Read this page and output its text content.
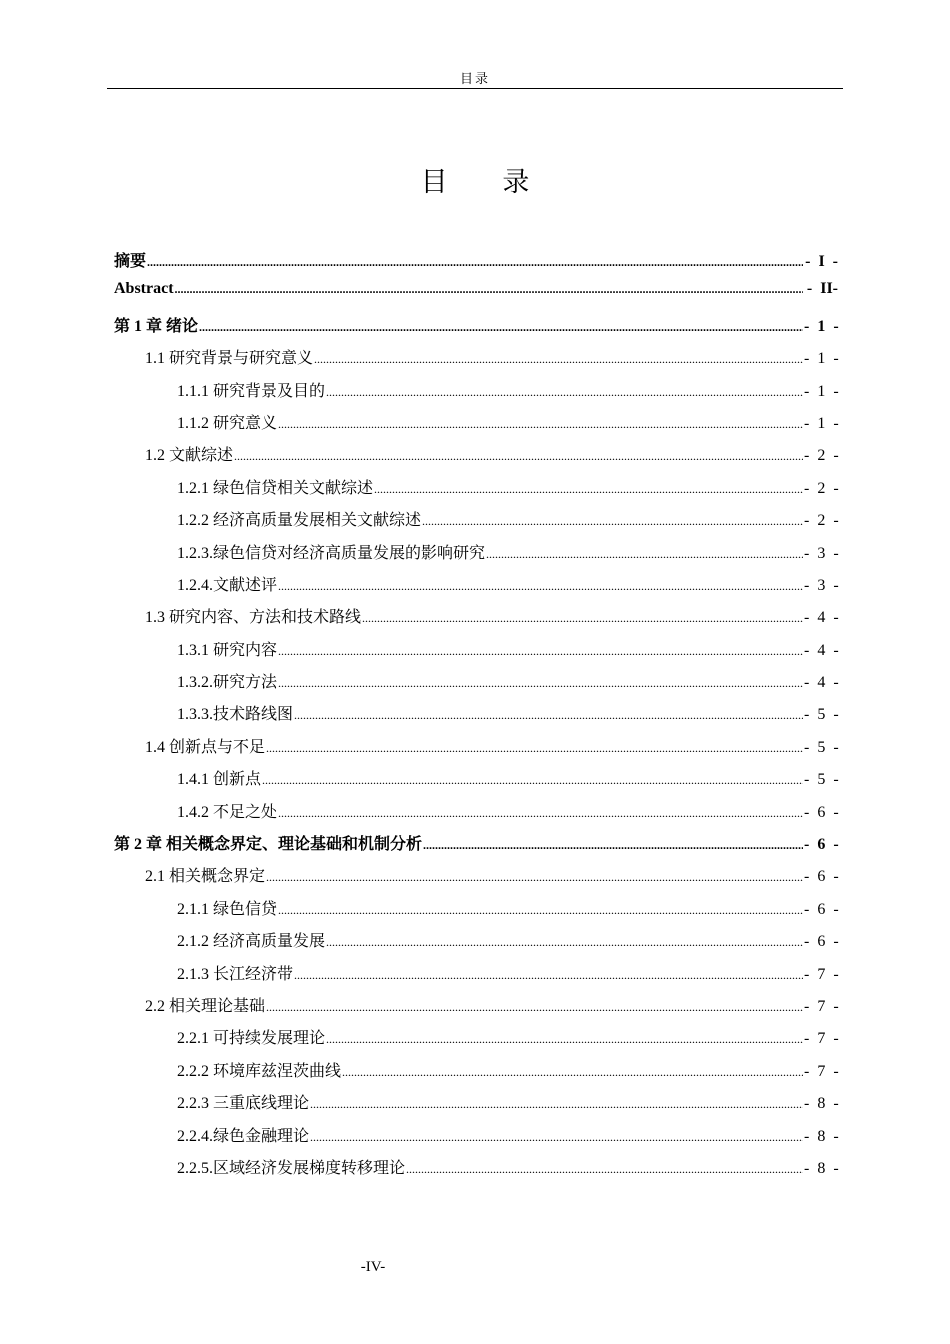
目录
目 录
摘要 .....	- I -
Abstract .....	- II-
第 1 章 绪论 .....	- 1 -
1.1 研究背景与研究意义 .....	- 1 -
1.1.1 研究背景及目的 .....	- 1 -
1.1.2 研究意义 .....	- 1 -
1.2 文献综述 .....	- 2 -
1.2.1 绿色信贷相关文献综述 .....	- 2 -
1.2.2 经济高质量发展相关文献综述 .....	- 2 -
1.2.3.绿色信贷对经济高质量发展的影响研究 .....	- 3 -
1.2.4.文献述评 .....	- 3 -
1.3 研究内容、方法和技术路线 .....	- 4 -
1.3.1 研究内容 .....	- 4 -
1.3.2.研究方法 .....	- 4 -
1.3.3.技术路线图 .....	- 5 -
1.4 创新点与不足 .....	- 5 -
1.4.1 创新点 .....	- 5 -
1.4.2 不足之处 .....	- 6 -
第 2 章 相关概念界定、理论基础和机制分析 .....	- 6 -
2.1 相关概念界定 .....	- 6 -
2.1.1 绿色信贷 .....	- 6 -
2.1.2 经济高质量发展 .....	- 6 -
2.1.3 长江经济带 .....	- 7 -
2.2 相关理论基础 .....	- 7 -
2.2.1 可持续发展理论 .....	- 7 -
2.2.2 环境库兹涅茨曲线 .....	- 7 -
2.2.3 三重底线理论 .....	- 8 -
2.2.4.绿色金融理论 .....	- 8 -
2.2.5.区域经济发展梯度转移理论 .....	- 8 -
-IV-
